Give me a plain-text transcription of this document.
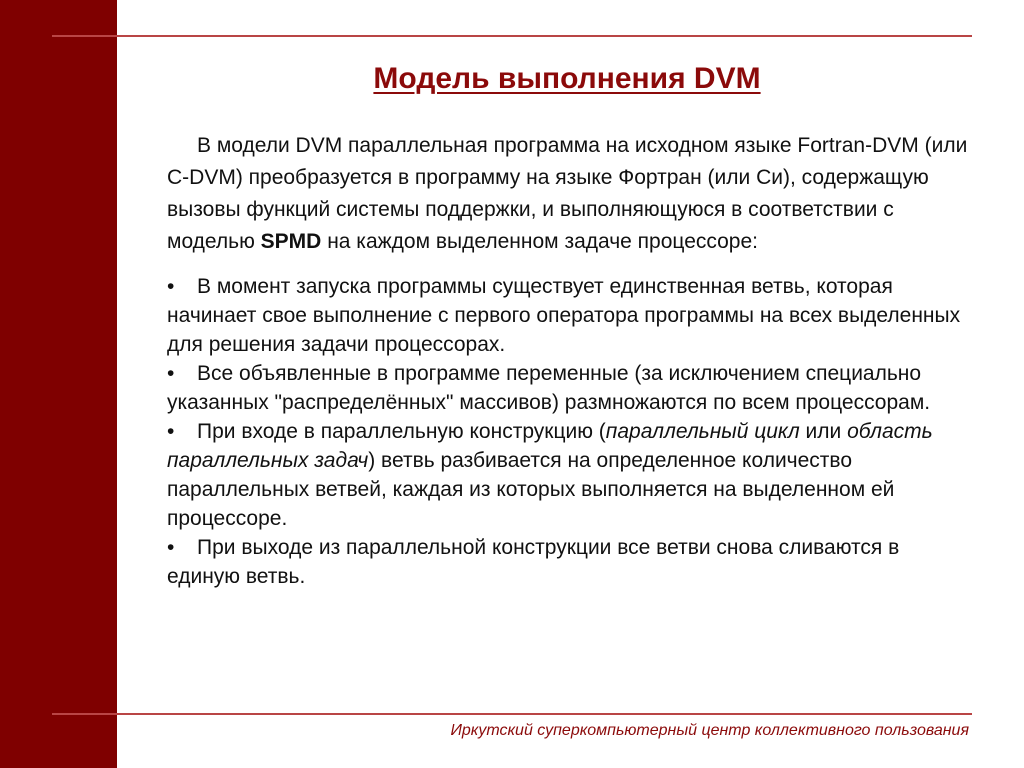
Модель выполнения DVM

В модели DVM параллельная программа на исходном языке Fortran-DVM (или C-DVM) преобразуется в программу на языке Фортран (или Си), содержащую вызовы функций системы поддержки, и выполняющуюся в соответствии с моделью SPMD на каждом выделенном задаче процессоре:

• В момент запуска программы существует единственная ветвь, которая начинает свое выполнение с первого оператора программы на всех выделенных для решения задачи процессорах.
• Все объявленные в программе переменные (за исключением специально указанных "распределённых" массивов) размножаются по всем процессорам.
• При входе в параллельную конструкцию (параллельный цикл или область параллельных задач) ветвь разбивается на определенное количество параллельных ветвей, каждая из которых выполняется на выделенном ей процессоре.
• При выходе из параллельной конструкции все ветви снова сливаются в единую ветвь.
Иркутский суперкомпьютерный центр коллективного пользования
